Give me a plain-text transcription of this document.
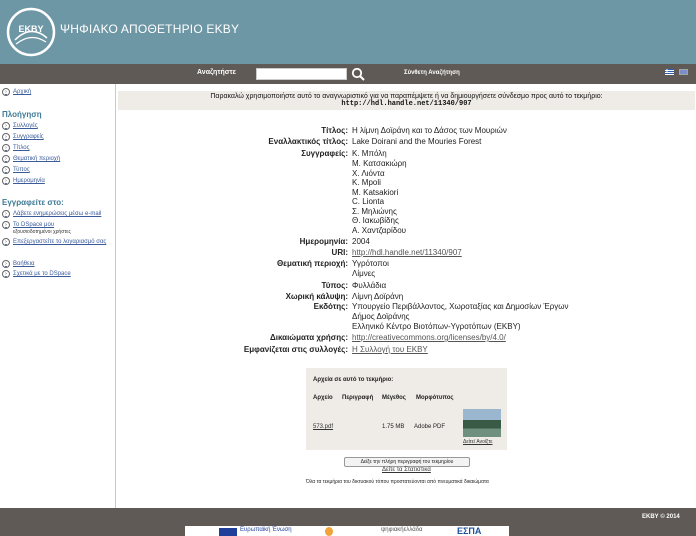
EKBY ΨΗΦΙΑΚΟ ΑΠΟΘΕΤΗΡΙΟ ΕΚΒΥ
Αναζητήστε	Σύνθετη Αναζήτηση
›	Αρχική
Πλοήγηση
›	Συλλογές
›	Συγγραφείς
›	Τίτλος
›	Θεματική περιοχή
›	Τύπος
›	Ημερομηνία
Εγγραφείτε στο:
›	Λάβετε ενημερώσεις μέσω e-mail
›	Το DSpace μου
εξουσιοδοτημένοι χρήστες
›	Επεξεργαστείτε το λογαριασμό σας
›	Βοήθεια
›	Σχετικά με το DSpace
Παρακαλώ χρησιμοποιήστε αυτό το αναγνωριστικό για να παραπέμψετε ή να δημιουργήσετε σύνδεσμο προς αυτό το τεκμήριο:
http://hdl.handle.net/11340/907
Τίτλος: Η λίμνη Δοϊράνη και το Δάσος των Μουριών
Εναλλακτικός τίτλος: Lake Doirani and the Mouries Forest
Συγγραφείς: Κ. Μπόλη
Μ. Κατσακιώρη
Χ. Λιόντα
K. Mpoli
M. Katsakiori
C. Lionta
Σ. Μηλιώνης
Θ. Ιακωβίδης
Α. Χαντζαρίδου
Ημερομηνία: 2004
URI: http://hdl.handle.net/11340/907
Θεματική περιοχή: Υγρότοποι
Λίμνες
Τύπος: Φυλλάδια
Χωρική κάλυψη: Λίμνη Δοϊράνη
Εκδότης: Υπουργείο Περιβάλλοντος, Χωροταξίας και Δημοσίων Έργων
Δήμος Δοϊράνης
Ελληνικό Κέντρο Βιοτόπων-Υγροτόπων (ΕΚΒΥ)
Δικαιώματα χρήσης: http://creativecommons.org/licenses/by/4.0/
Εμφανίζεται στις συλλογές: Η Συλλογή του ΕΚΒΥ
Αρχεία σε αυτό το τεκμήριο:
Αρχείο Περιγραφή Μέγεθος Μορφότυπος
573.pdf	1.75 MB Adobe PDF
Δείτε/ Ανοίξτε
Δείξε την πλήρη περιγραφή του τεκμηρίου
Δείτε τα Στατιστικά
Όλα τα τεκμήρια του δικτυακού τόπου προστατεύονται από πνευματικά δικαιώματα
ΕΚΒΥ © 2014
Ευρωπαϊκή Ένωση	ψηφιακήελλάδα	ΕΣΠΑ
